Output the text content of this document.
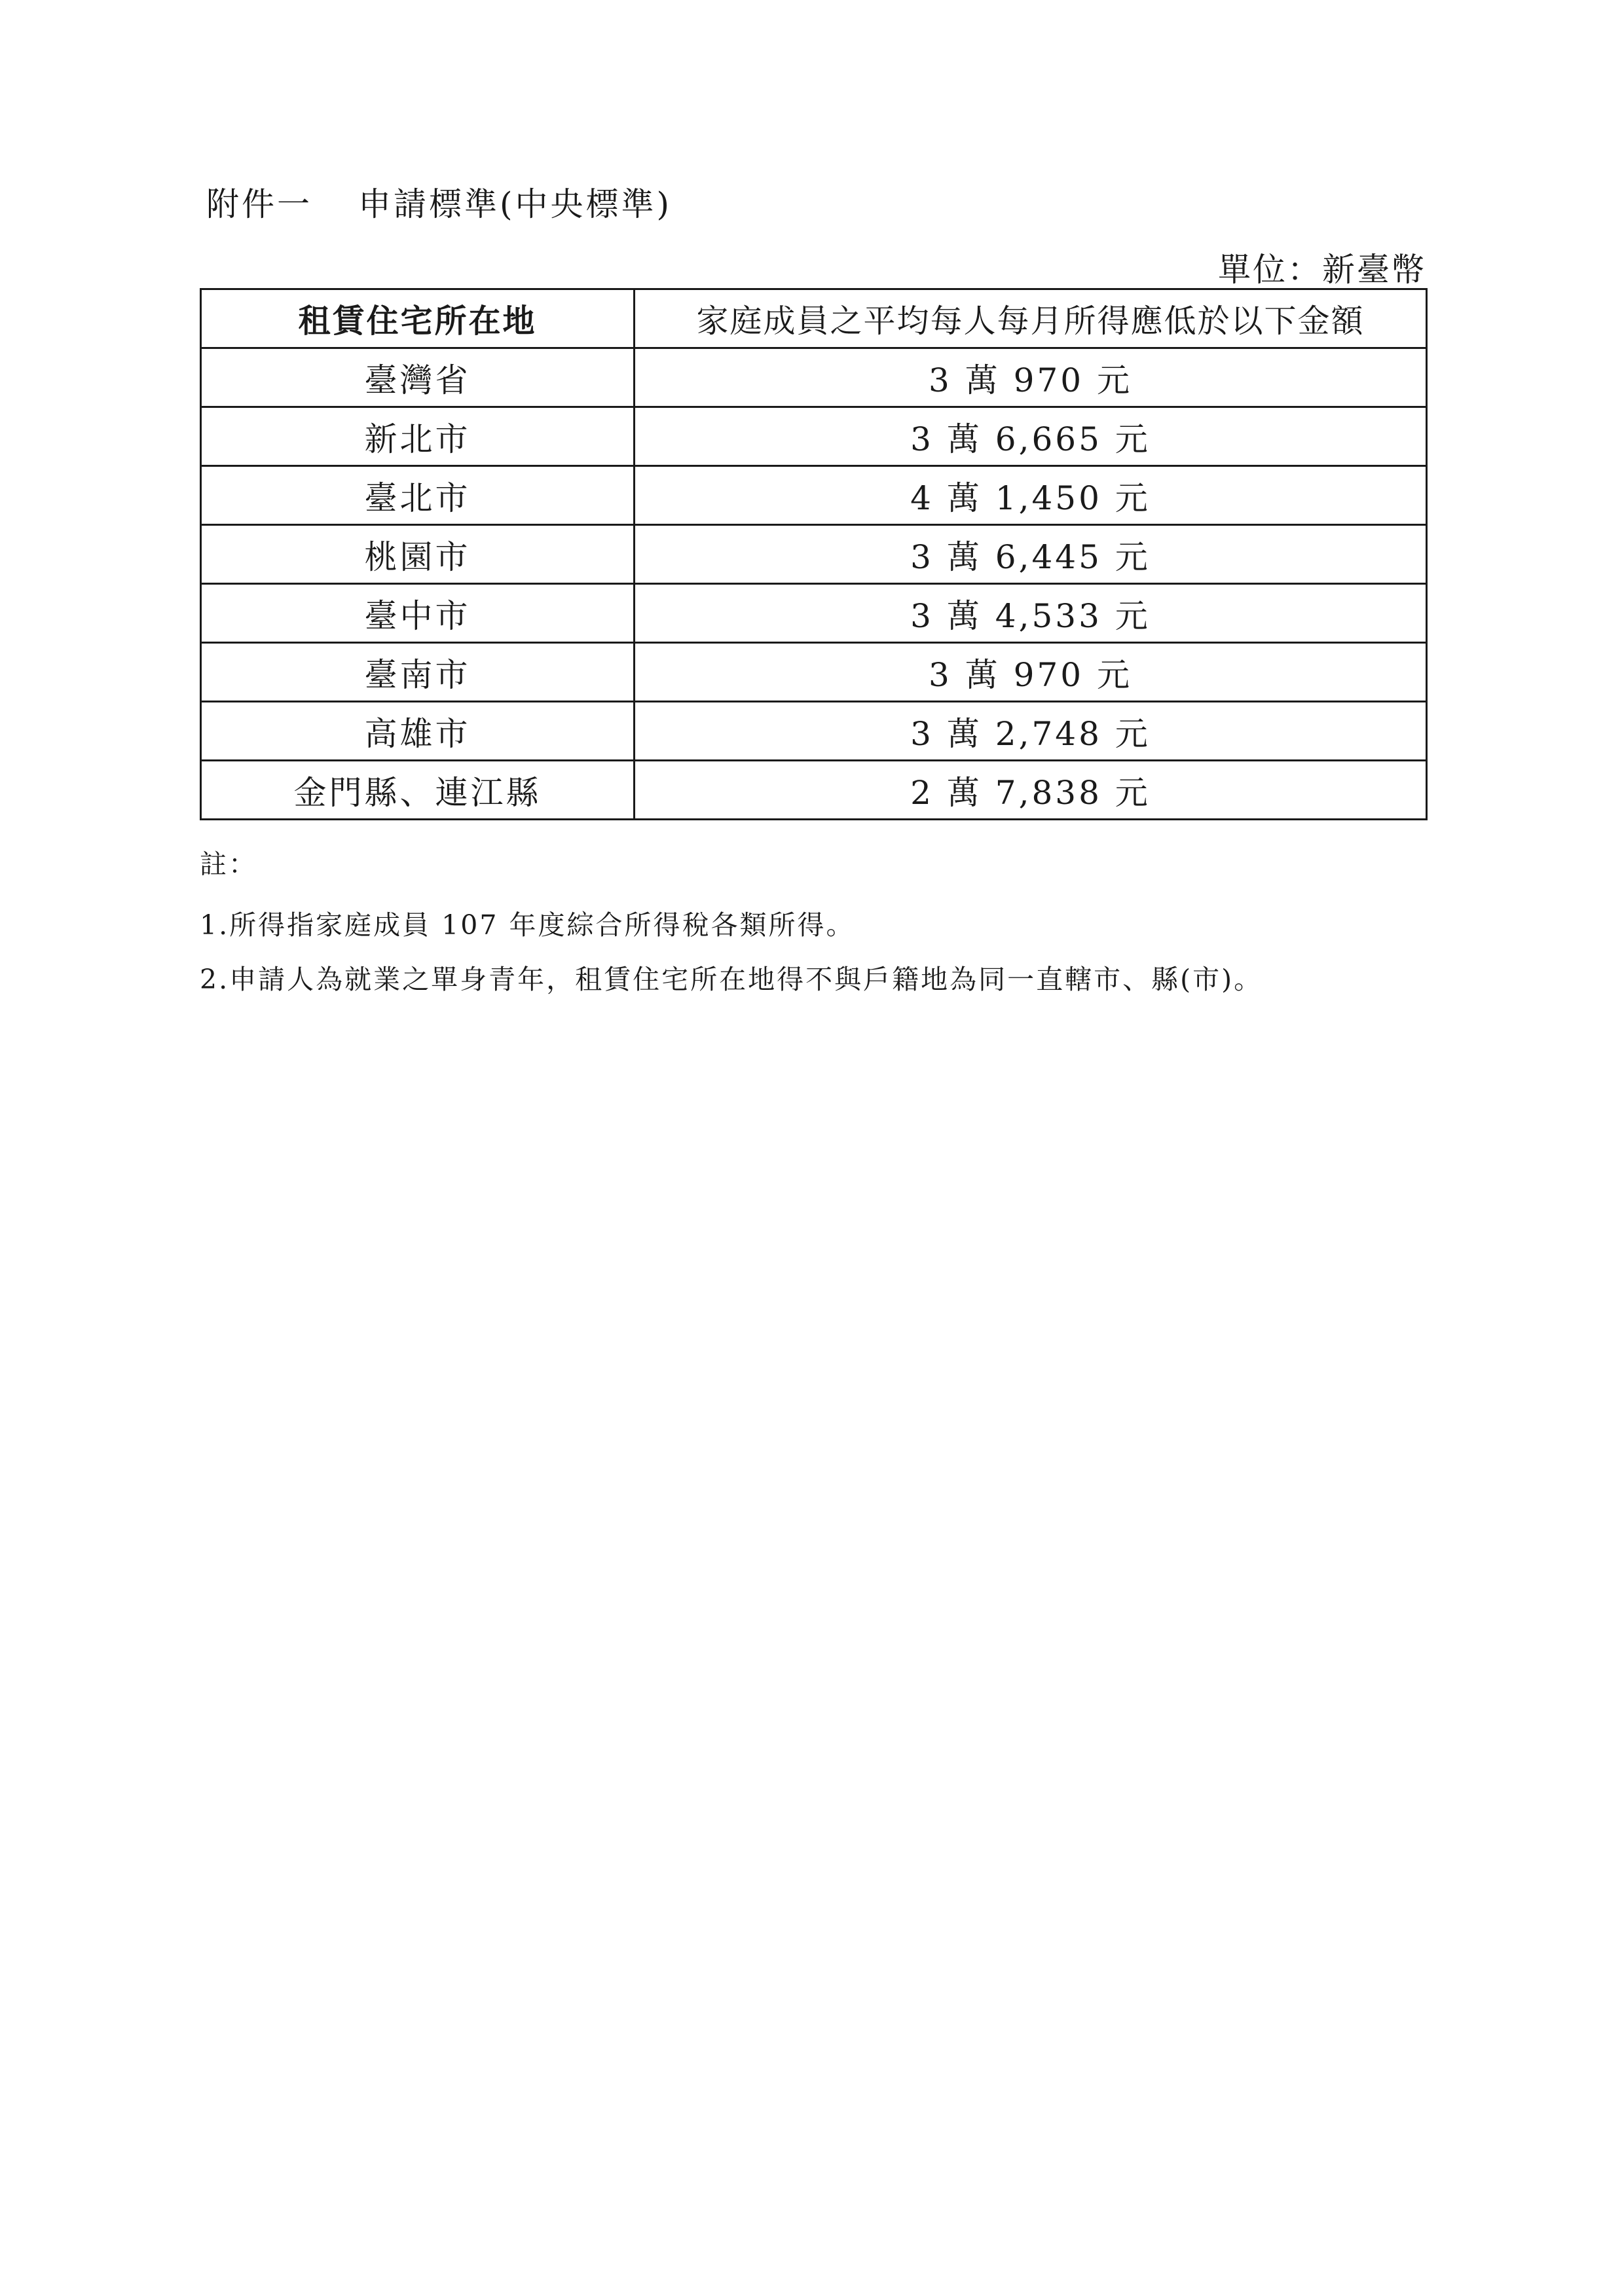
附件一 申請標準(中央標準)
單位：新臺幣
租賃住宅所在地	家庭成員之平均每人每月所得應低於以下金額
臺灣省	3 萬 970 元
新北市	3 萬 6,665 元
臺北市	4 萬 1,450 元
桃園市	3 萬 6,445 元
臺中市	3 萬 4,533 元
臺南市	3 萬 970 元
高雄市	3 萬 2,748 元
金門縣、連江縣	2 萬 7,838 元
註：
1.所得指家庭成員 107 年度綜合所得稅各類所得。
2.申請人為就業之單身青年，租賃住宅所在地得不與戶籍地為同一直轄市、縣(市)。
